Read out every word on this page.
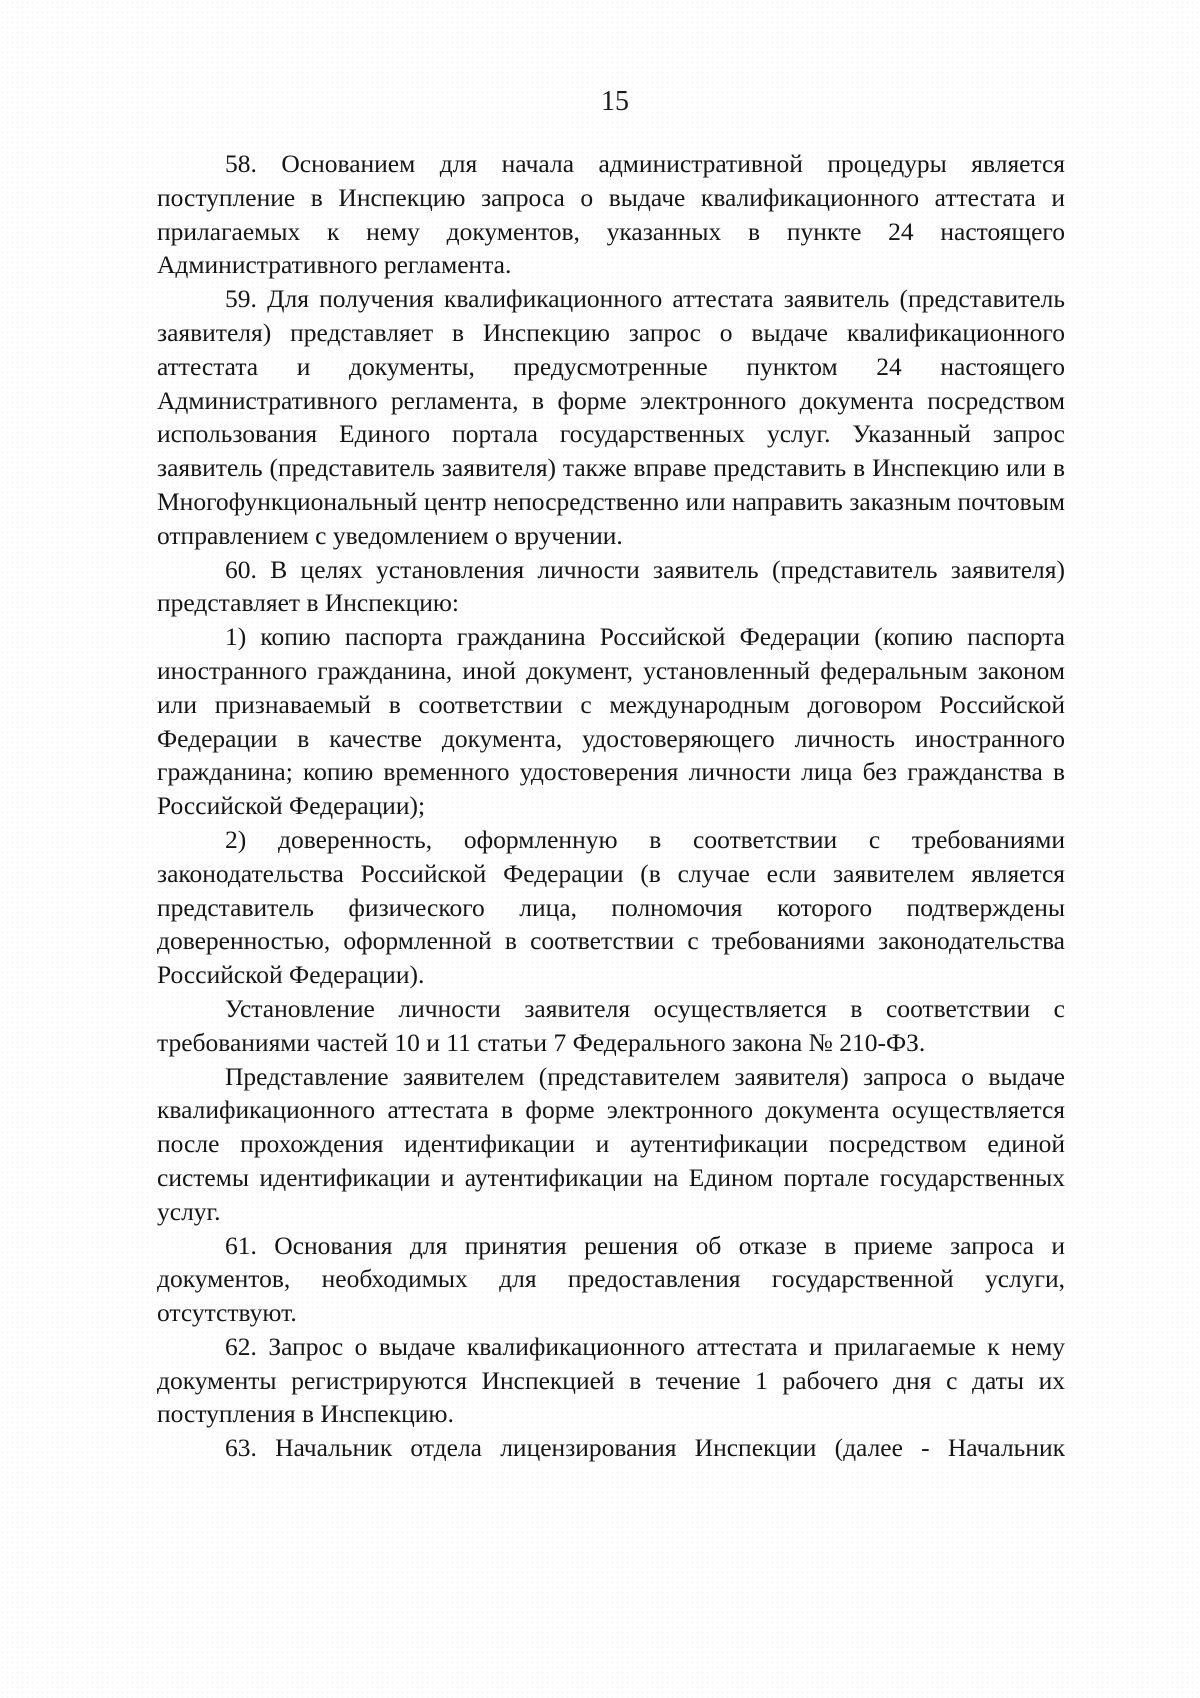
15

58. Основанием для начала административной процедуры является поступление в Инспекцию запроса о выдаче квалификационного аттестата и прилагаемых к нему документов, указанных в пункте 24 настоящего Административного регламента.

59. Для получения квалификационного аттестата заявитель (представитель заявителя) представляет в Инспекцию запрос о выдаче квалификационного аттестата и документы, предусмотренные пунктом 24 настоящего Административного регламента, в форме электронного документа посредством использования Единого портала государственных услуг. Указанный запрос заявитель (представитель заявителя) также вправе представить в Инспекцию или в Многофункциональный центр непосредственно или направить заказным почтовым отправлением с уведомлением о вручении.

60. В целях установления личности заявитель (представитель заявителя) представляет в Инспекцию:

1) копию паспорта гражданина Российской Федерации (копию паспорта иностранного гражданина, иной документ, установленный федеральным законом или признаваемый в соответствии с международным договором Российской Федерации в качестве документа, удостоверяющего личность иностранного гражданина; копию временного удостоверения личности лица без гражданства в Российской Федерации);

2) доверенность, оформленную в соответствии с требованиями законодательства Российской Федерации (в случае если заявителем является представитель физического лица, полномочия которого подтверждены доверенностью, оформленной в соответствии с требованиями законодательства Российской Федерации).

Установление личности заявителя осуществляется в соответствии с требованиями частей 10 и 11 статьи 7 Федерального закона № 210-ФЗ.

Представление заявителем (представителем заявителя) запроса о выдаче квалификационного аттестата в форме электронного документа осуществляется после прохождения идентификации и аутентификации посредством единой системы идентификации и аутентификации на Едином портале государственных услуг.

61. Основания для принятия решения об отказе в приеме запроса и документов, необходимых для предоставления государственной услуги, отсутствуют.

62. Запрос о выдаче квалификационного аттестата и прилагаемые к нему документы регистрируются Инспекцией в течение 1 рабочего дня с даты их поступления в Инспекцию.

63. Начальник отдела лицензирования Инспекции (далее - Начальник
